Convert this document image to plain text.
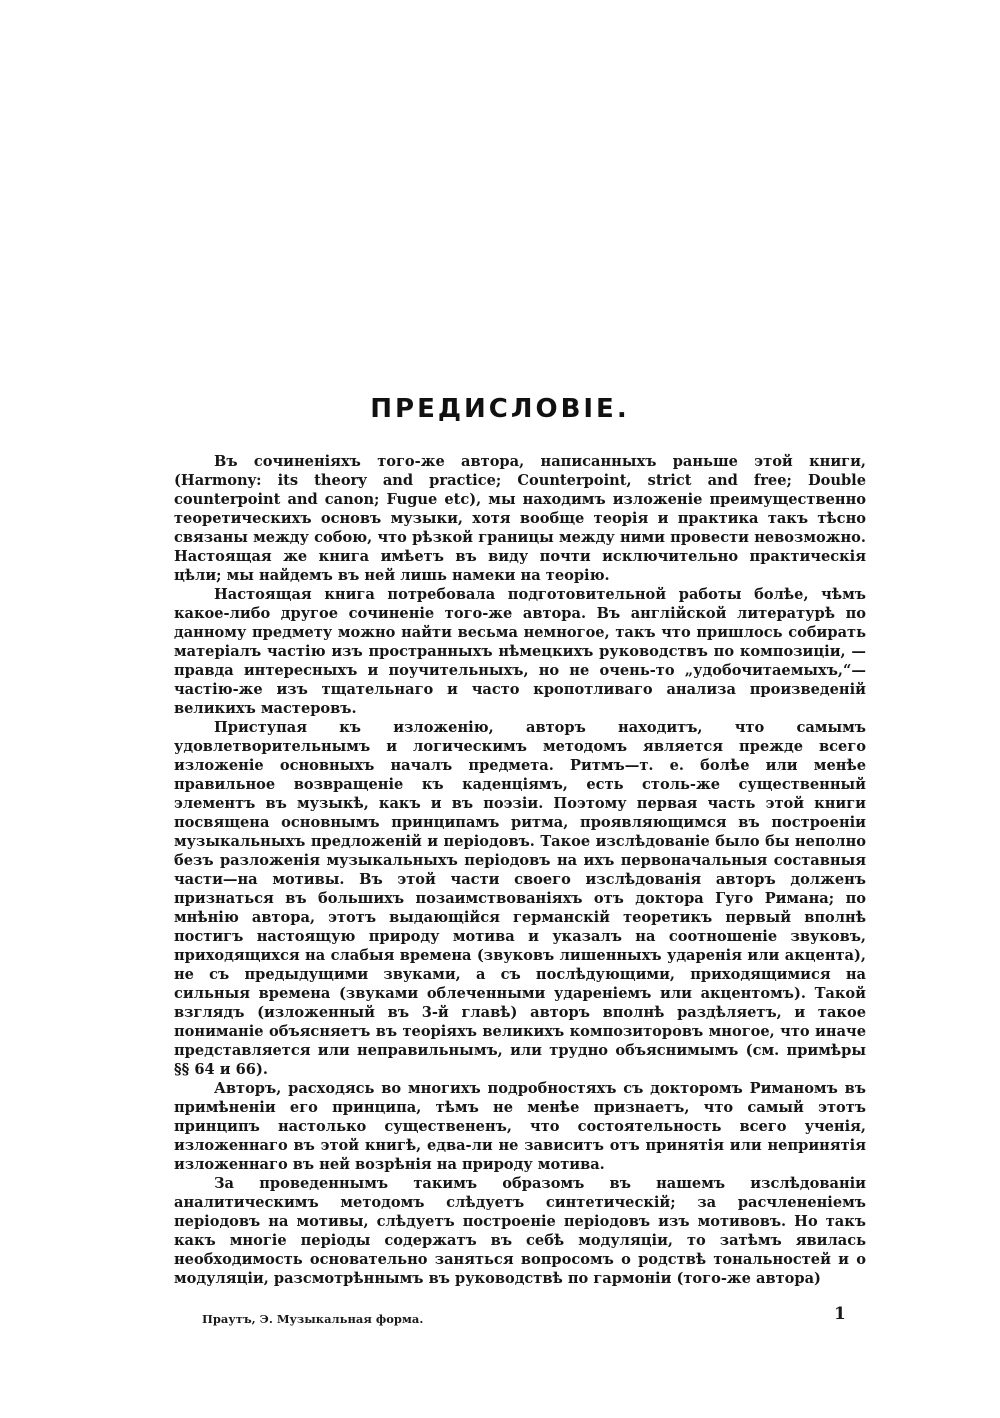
ПРЕДИСЛОВІЕ.

Въ сочиненіяхъ того-же автора, написанныхъ раньше этой книги, (Harmony: its theory and practice; Counterpoint, strict and free; Double counterpoint and canon; Fugue etc), мы находимъ изложеніе преимущественно теоретическихъ основъ музыки, хотя вообще теорія и практика такъ тѣсно связаны между собою, что рѣзкой границы между ними провести невозможно. Настоящая же книга имѣетъ въ виду почти исключительно практическія цѣли; мы найдемъ въ ней лишь намеки на теорію.

Настоящая книга потребовала подготовительной работы болѣе, чѣмъ какое-либо другое сочиненіе того-же автора. Въ англійской литературѣ по данному предмету можно найти весьма немногое, такъ что пришлось собирать матеріалъ частію изъ пространныхъ нѣмецкихъ руководствъ по композиціи, — правда интересныхъ и поучительныхъ, но не очень-то „удобочитаемыхъ,“—частію-же изъ тщательнаго и часто кропотливаго анализа произведеній великихъ мастеровъ.

Приступая къ изложенію, авторъ находитъ, что самымъ удовлетворительнымъ и логическимъ методомъ является прежде всего изложеніе основныхъ началъ предмета. Ритмъ—т. е. болѣе или менѣе правильное возвращеніе къ каденціямъ, есть столь-же существенный элементъ въ музыкѣ, какъ и въ поэзіи. Поэтому первая часть этой книги посвящена основнымъ принципамъ ритма, проявляющимся въ построеніи музыкальныхъ предложеній и періодовъ. Такое изслѣдованіе было бы неполно безъ разложенія музыкальныхъ періодовъ на ихъ первоначальныя составныя части—на мотивы. Въ этой части своего изслѣдованія авторъ долженъ признаться въ большихъ позаимствованіяхъ отъ доктора Гуго Римана; по мнѣнію автора, этотъ выдающійся германскій теоретикъ первый вполнѣ постигъ настоящую природу мотива и указалъ на соотношеніе звуковъ, приходящихся на слабыя времена (звуковъ лишенныхъ ударенія или акцента), не съ предыдущими звуками, а съ послѣдующими, приходящимися на сильныя времена (звуками облеченными удареніемъ или акцентомъ). Такой взглядъ (изложенный въ 3-й главѣ) авторъ вполнѣ раздѣляетъ, и такое пониманіе объясняетъ въ теоріяхъ великихъ композиторовъ многое, что иначе представляется или неправильнымъ, или трудно объяснимымъ (см. примѣры §§ 64 и 66).

Авторъ, расходясь во многихъ подробностяхъ съ докторомъ Риманомъ въ примѣненіи его принципа, тѣмъ не менѣе признаетъ, что самый этотъ принципъ настолько существененъ, что состоятельность всего ученія, изложеннаго въ этой книгѣ, едва-ли не зависитъ отъ принятія или непринятія изложеннаго въ ней возрѣнія на природу мотива.

За проведеннымъ такимъ образомъ въ нашемъ изслѣдованіи аналитическимъ методомъ слѣдуетъ синтетическій; за расчлененіемъ періодовъ на мотивы, слѣдуетъ построеніе періодовъ изъ мотивовъ. Но такъ какъ многіе періоды содержатъ въ себѣ модуляціи, то затѣмъ явилась необходимость основательно заняться вопросомъ о родствѣ тональностей и о модуляціи, разсмотрѣннымъ въ руководствѣ по гармоніи (того-же автора)

Праутъ, Э. Музыкальная форма.	1
